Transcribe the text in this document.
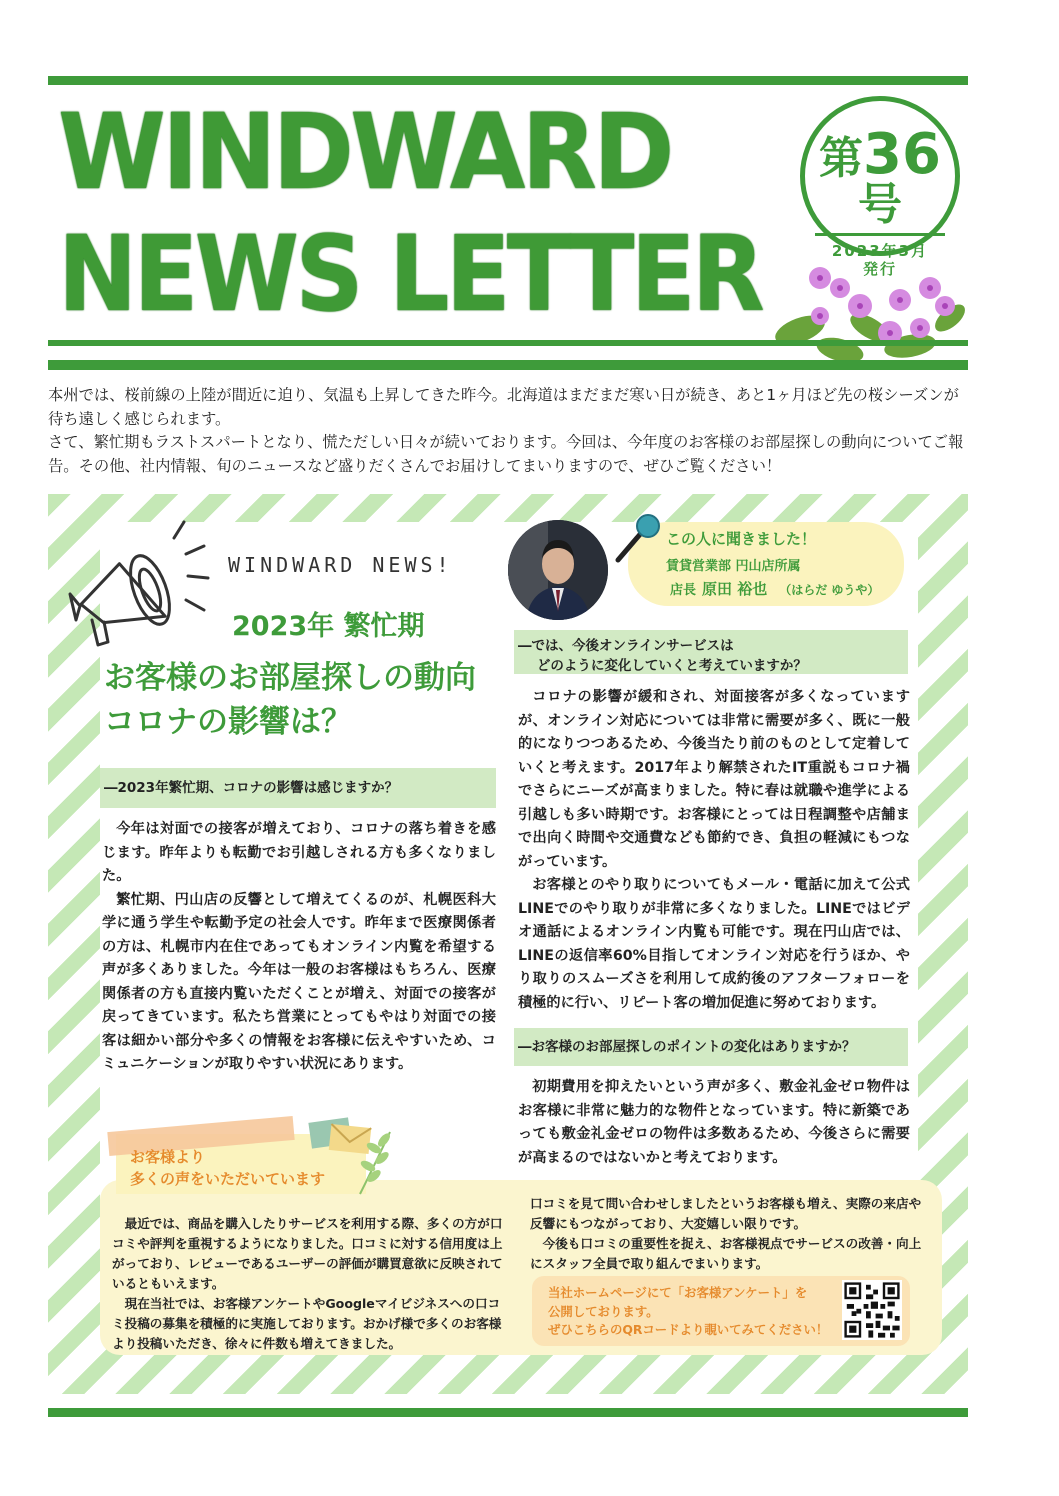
WINDWARD
NEWS LETTER
第36号
2023年3月
発行

本州では、桜前線の上陸が間近に迫り、気温も上昇してきた昨今。北海道はまだまだ寒い日が続き、あと1ヶ月ほど先の桜シーズンが待ち遠しく感じられます。

さて、繁忙期もラストスパートとなり、慌ただしい日々が続いております。今回は、今年度のお客様のお部屋探しの動向についてご報告。その他、社内情報、旬のニュースなど盛りだくさんでお届けしてまいりますので、ぜひご覧ください！

WINDWARD NEWS!
2023年 繁忙期
お客様のお部屋探しの動向
コロナの影響は？
この人に聞きました！
賃貸営業部 円山店所属
店長 原田 裕也 （はらだ ゆうや）
―2023年繁忙期、コロナの影響は感じますか？

今年は対面での接客が増えており、コロナの落ち着きを感じます。昨年よりも転勤でお引越しされる方も多くなりました。

繁忙期、円山店の反響として増えてくるのが、札幌医科大学に通う学生や転勤予定の社会人です。昨年まで医療関係者の方は、札幌市内在住であってもオンライン内覧を希望する声が多くありました。今年は一般のお客様はもちろん、医療関係者の方も直接内覧いただくことが増え、対面での接客が戻ってきています。私たち営業にとってもやはり対面での接客は細かい部分や多くの情報をお客様に伝えやすいため、コミュニケーションが取りやすい状況にあります。

―では、今後オンラインサービスは
どのように変化していくと考えていますか？

コロナの影響が緩和され、対面接客が多くなっていますが、オンライン対応については非常に需要が多く、既に一般的になりつつあるため、今後当たり前のものとして定着していくと考えます。2017年より解禁されたIT重説もコロナ禍でさらにニーズが高まりました。特に春は就職や進学による引越しも多い時期です。お客様にとっては日程調整や店舗まで出向く時間や交通費なども節約でき、負担の軽減にもつながっています。

お客様とのやり取りについてもメール・電話に加えて公式LINEでのやり取りが非常に多くなりました。LINEではビデオ通話によるオンライン内覧も可能です。現在円山店では、LINEの返信率60%目指してオンライン対応を行うほか、やり取りのスムーズさを利用して成約後のアフターフォローを積極的に行い、リピート客の増加促進に努めております。

―お客様のお部屋探しのポイントの変化はありますか？

初期費用を抑えたいという声が多く、敷金礼金ゼロ物件はお客様に非常に魅力的な物件となっています。特に新築であっても敷金礼金ゼロの物件は多数あるため、今後さらに需要が高まるのではないかと考えております。

お客様より
多くの声をいただいています

最近では、商品を購入したりサービスを利用する際、多くの方が口コミや評判を重視するようになりました。口コミに対する信用度は上がっており、レビューであるユーザーの評価が購買意欲に反映されているともいえます。

現在当社では、お客様アンケートやGoogleマイビジネスへの口コミ投稿の募集を積極的に実施しております。おかげ様で多くのお客様より投稿いただき、徐々に件数も増えてきました。

口コミを見て問い合わせしましたというお客様も増え、実際の来店や反響にもつながっており、大変嬉しい限りです。

今後も口コミの重要性を捉え、お客様視点でサービスの改善・向上にスタッフ全員で取り組んでまいります。

当社ホームページにて「お客様アンケート」を
公開しております。
ぜひこちらのQRコードより覗いてみてください！
